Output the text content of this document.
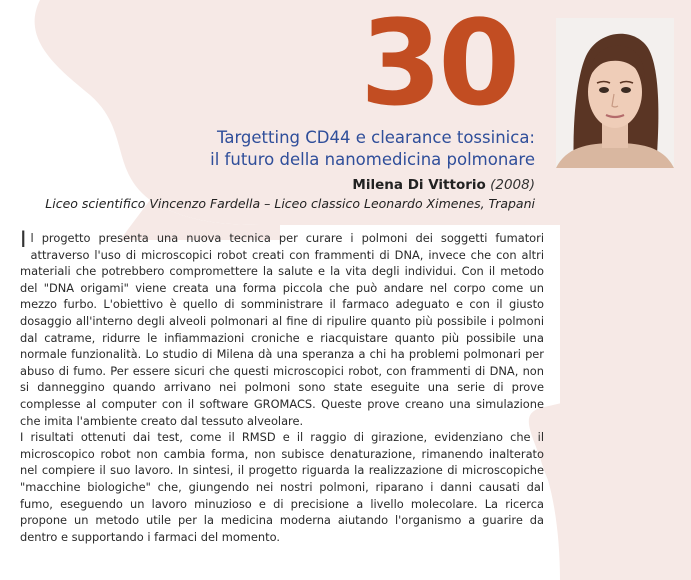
30
Targetting CD44 e clearance tossinica:
il futuro della nanomedicina polmonare
Milena Di Vittorio (2008)
Liceo scientifico Vincenzo Fardella – Liceo classico Leonardo Ximenes, Trapani

Il progetto presenta una nuova tecnica per curare i polmoni dei soggetti fumatori attraverso l'uso di microscopici robot creati con frammenti di DNA, invece che con altri materiali che potrebbero compromettere la salute e la vita degli individui. Con il metodo del "DNA origami" viene creata una forma piccola che può andare nel corpo come un mezzo furbo. L'obiettivo è quello di somministrare il farmaco adeguato e con il giusto dosaggio all'interno degli alveoli polmonari al fine di ripulire quanto più possibile i polmoni dal catrame, ridurre le infiammazioni croniche e riacquistare quanto più possibile una normale funzionalità. Lo studio di Milena dà una speranza a chi ha problemi polmonari per abuso di fumo. Per essere sicuri che questi microscopici robot, con frammenti di DNA, non si danneggino quando arrivano nei polmoni sono state eseguite una serie di prove complesse al computer con il software GROMACS. Queste prove creano una simulazione che imita l'ambiente creato dal tessuto alveolare.

I risultati ottenuti dai test, come il RMSD e il raggio di girazione, evidenziano che il microscopico robot non cambia forma, non subisce denaturazione, rimanendo inalterato nel compiere il suo lavoro. In sintesi, il progetto riguarda la realizzazione di microscopiche "macchine biologiche" che, giungendo nei nostri polmoni, riparano i danni causati dal fumo, eseguendo un lavoro minuzioso e di precisione a livello molecolare. La ricerca propone un metodo utile per la medicina moderna aiutando l'organismo a guarire da dentro e supportando i farmaci del momento.
